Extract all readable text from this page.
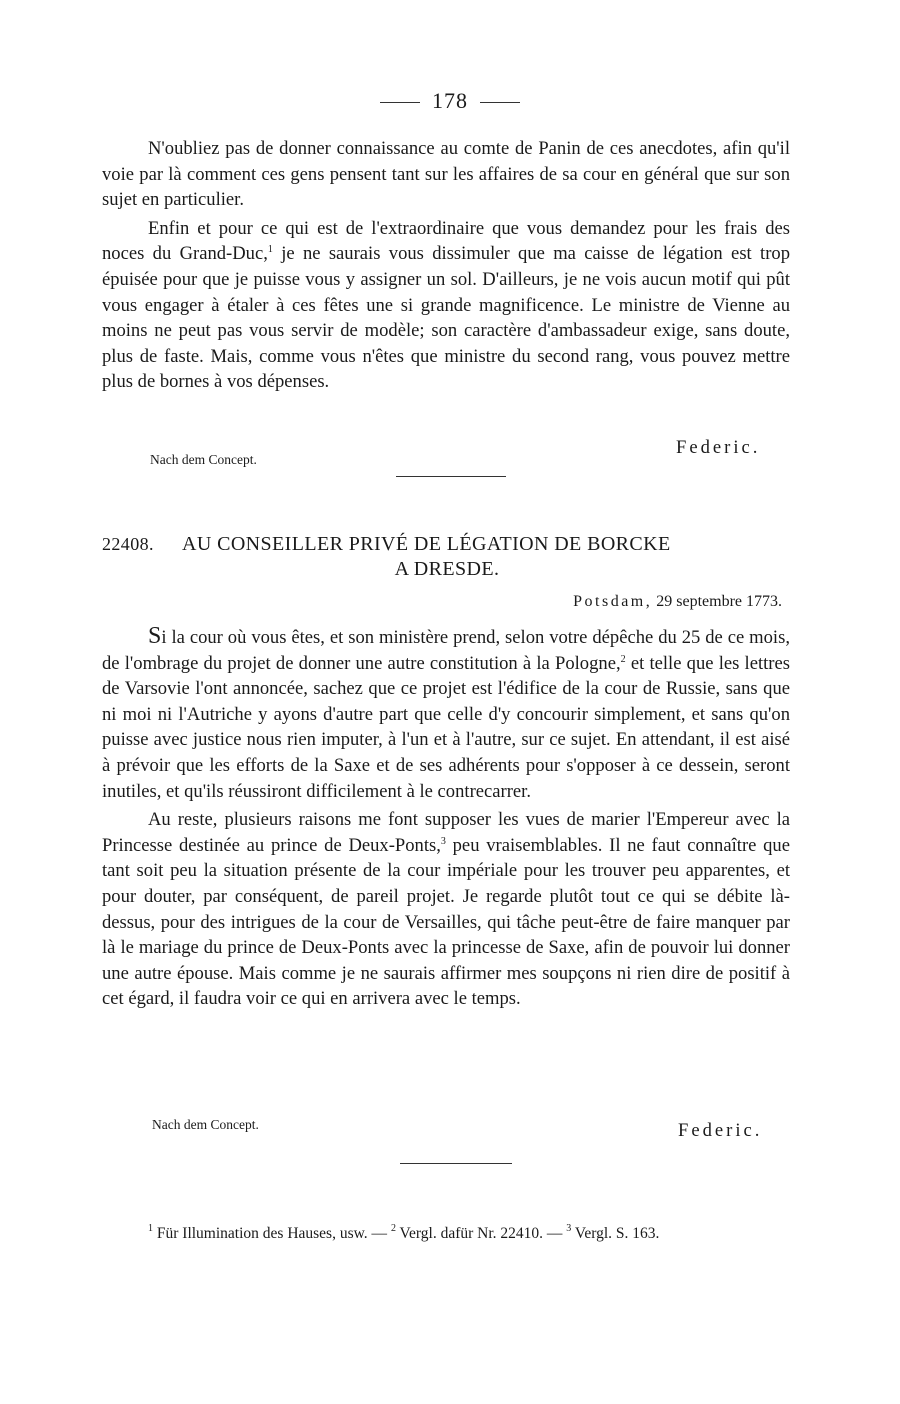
178

N'oubliez pas de donner connaissance au comte de Panin de ces anecdotes, afin qu'il voie par là comment ces gens pensent tant sur les affaires de sa cour en général que sur son sujet en particulier.

Enfin et pour ce qui est de l'extraordinaire que vous demandez pour les frais des noces du Grand-Duc,$^1$ je ne saurais vous dissimuler que ma caisse de légation est trop épuisée pour que je puisse vous y assigner un sol. D'ailleurs, je ne vois aucun motif qui pût vous engager à étaler à ces fêtes une si grande magnificence. Le ministre de Vienne au moins ne peut pas vous servir de modèle; son caractère d'ambassadeur exige, sans doute, plus de faste. Mais, comme vous n'êtes que ministre du second rang, vous pouvez mettre plus de bornes à vos dépenses.

Federic.
Nach dem Concept.
22408.	AU CONSEILLER PRIVÉ DE LÉGATION DE BORCKE
A DRESDE.
Potsdam, 29 septembre 1773.

Si la cour où vous êtes, et son ministère prend, selon votre dépêche du 25 de ce mois, de l'ombrage du projet de donner une autre constitution à la Pologne,$^2$ et telle que les lettres de Varsovie l'ont annoncée, sachez que ce projet est l'édifice de la cour de Russie, sans que ni moi ni l'Autriche y ayons d'autre part que celle d'y concourir simplement, et sans qu'on puisse avec justice nous rien imputer, à l'un et à l'autre, sur ce sujet. En attendant, il est aisé à prévoir que les efforts de la Saxe et de ses adhérents pour s'opposer à ce dessein, seront inutiles, et qu'ils réussiront difficilement à le contrecarrer.

Au reste, plusieurs raisons me font supposer les vues de marier l'Empereur avec la Princesse destinée au prince de Deux-Ponts,$^3$ peu vraisemblables. Il ne faut connaître que tant soit peu la situation présente de la cour impériale pour les trouver peu apparentes, et pour douter, par conséquent, de pareil projet. Je regarde plutôt tout ce qui se débite là-dessus, pour des intrigues de la cour de Versailles, qui tâche peut-être de faire manquer par là le mariage du prince de Deux-Ponts avec la princesse de Saxe, afin de pouvoir lui donner une autre épouse. Mais comme je ne saurais affirmer mes soupçons ni rien dire de positif à cet égard, il faudra voir ce qui en arrivera avec le temps.

Nach dem Concept.	Federic.
$^1$ Für Illumination des Hauses, usw. — $^2$ Vergl. dafür Nr. 22410. — $^3$ Vergl. S. 163.
